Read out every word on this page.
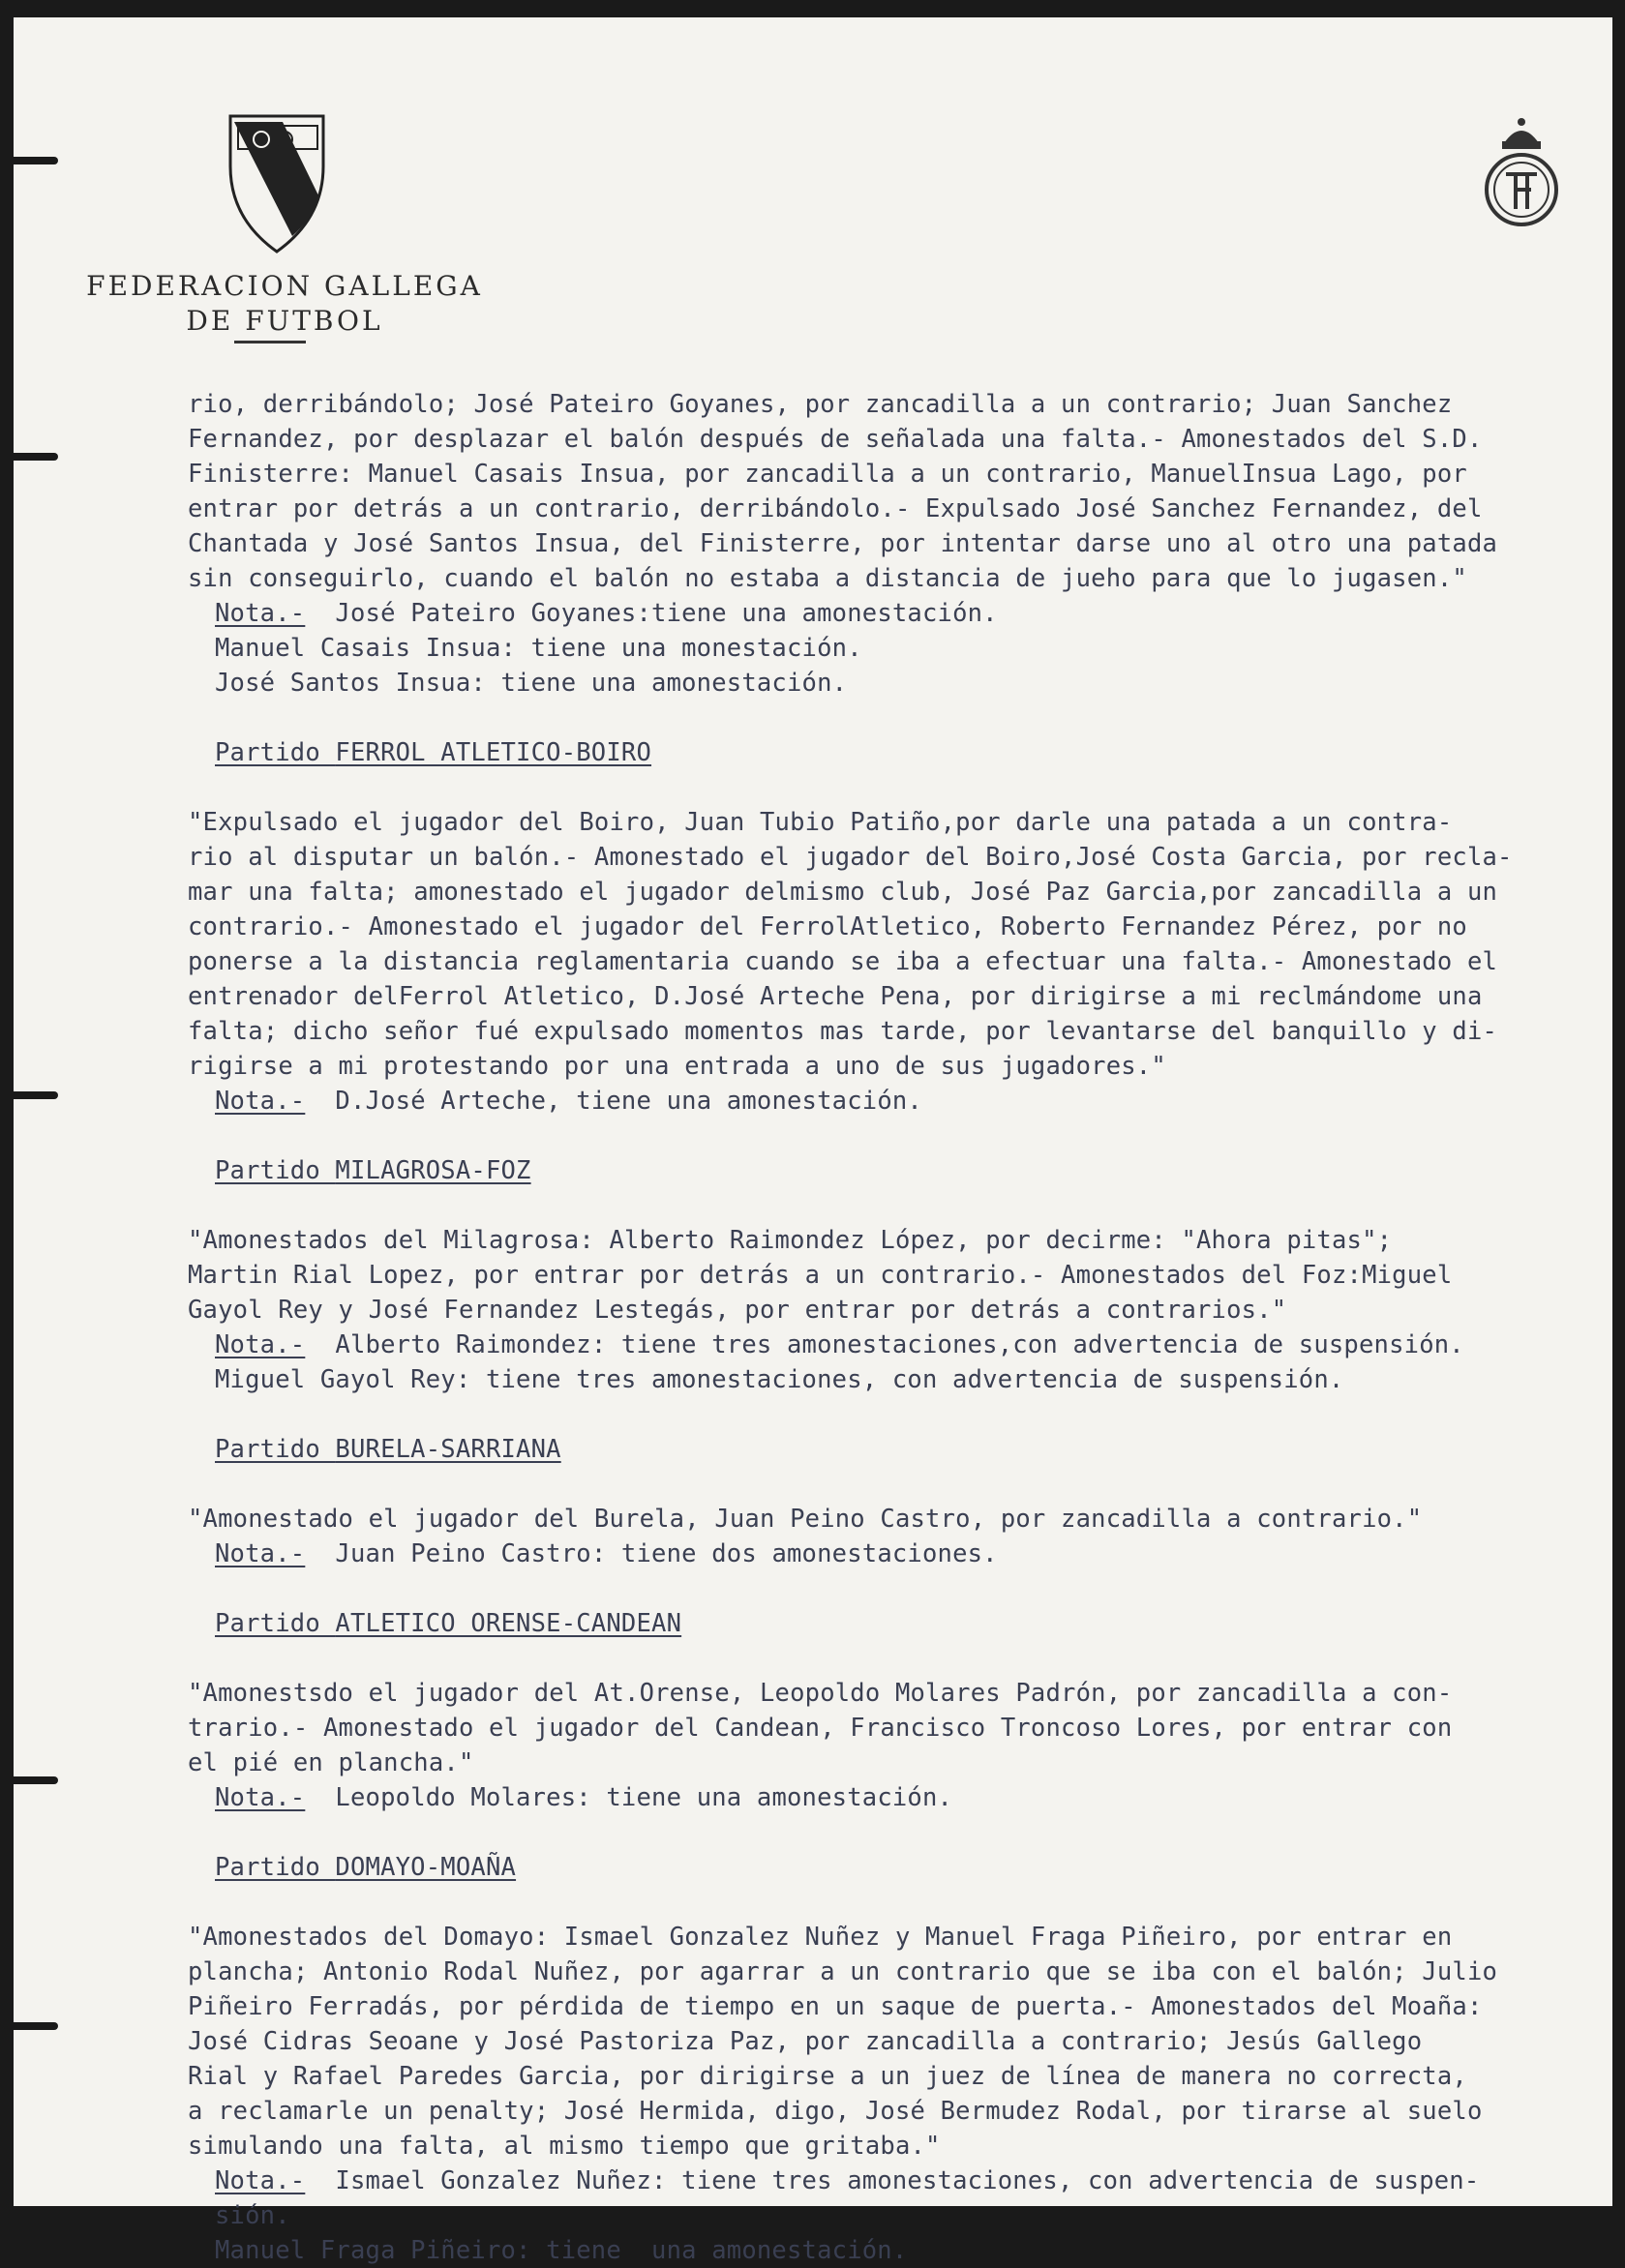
FEDERACION GALLEGA
DE FUTBOL
rio, derribándolo; José Pateiro Goyanes, por zancadilla a un contrario; Juan Sanchez
Fernandez, por desplazar el balón después de señalada una falta.- Amonestados del S.D.
Finisterre: Manuel Casais Insua, por zancadilla a un contrario, ManuelInsua Lago, por
entrar por detrás a un contrario, derribándolo.- Expulsado José Sanchez Fernandez, del
Chantada y José Santos Insua, del Finisterre, por intentar darse uno al otro una patada
sin conseguirlo, cuando el balón no estaba a distancia de jueho para que lo jugasen."
Nota.-  José Pateiro Goyanes:tiene una amonestación.
Manuel Casais Insua: tiene una monestación.
José Santos Insua: tiene una amonestación.
Partido FERROL ATLETICO-BOIRO
"Expulsado el jugador del Boiro, Juan Tubio Patiño,por darle una patada a un contra-
rio al disputar un balón.- Amonestado el jugador del Boiro,José Costa Garcia, por recla-
mar una falta; amonestado el jugador delmismo club, José Paz Garcia,por zancadilla a un
contrario.- Amonestado el jugador del FerrolAtletico, Roberto Fernandez Pérez, por no
ponerse a la distancia reglamentaria cuando se iba a efectuar una falta.- Amonestado el
entrenador delFerrol Atletico, D.José Arteche Pena, por dirigirse a mi reclmándome una
falta; dicho señor fué expulsado momentos mas tarde, por levantarse del banquillo y di-
rigirse a mi protestando por una entrada a uno de sus jugadores."
Nota.-  D.José Arteche, tiene una amonestación.
Partido MILAGROSA-FOZ
"Amonestados del Milagrosa: Alberto Raimondez López, por decirme: "Ahora pitas";
Martin Rial Lopez, por entrar por detrás a un contrario.- Amonestados del Foz:Miguel
Gayol Rey y José Fernandez Lestegás, por entrar por detrás a contrarios."
Nota.-  Alberto Raimondez: tiene tres amonestaciones,con advertencia de suspensión.
Miguel Gayol Rey: tiene tres amonestaciones, con advertencia de suspensión.
Partido BURELA-SARRIANA
"Amonestado el jugador del Burela, Juan Peino Castro, por zancadilla a contrario."
Nota.-  Juan Peino Castro: tiene dos amonestaciones.
Partido ATLETICO ORENSE-CANDEAN
"Amonestsdo el jugador del At.Orense, Leopoldo Molares Padrón, por zancadilla a con-
trario.- Amonestado el jugador del Candean, Francisco Troncoso Lores, por entrar con
el pié en plancha."
Nota.-  Leopoldo Molares: tiene una amonestación.
Partido DOMAYO-MOAÑA
"Amonestados del Domayo: Ismael Gonzalez Nuñez y Manuel Fraga Piñeiro, por entrar en
plancha; Antonio Rodal Nuñez, por agarrar a un contrario que se iba con el balón; Julio
Piñeiro Ferradás, por pérdida de tiempo en un saque de puerta.- Amonestados del Moaña:
José Cidras Seoane y José Pastoriza Paz, por zancadilla a contrario; Jesús Gallego
Rial y Rafael Paredes Garcia, por dirigirse a un juez de línea de manera no correcta,
a reclamarle un penalty; José Hermida, digo, José Bermudez Rodal, por tirarse al suelo
simulando una falta, al mismo tiempo que gritaba."
Nota.-  Ismael Gonzalez Nuñez: tiene tres amonestaciones, con advertencia de suspen-
sión.
Manuel Fraga Piñeiro: tiene  una amonestación.
